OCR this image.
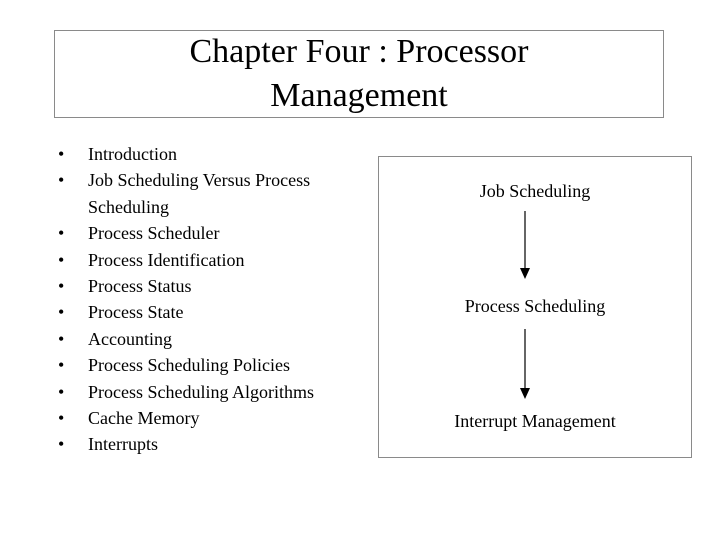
Chapter Four : Processor
Management
• Introduction
• Job Scheduling Versus Process Scheduling
• Process Scheduler
• Process Identification
• Process Status
• Process State
• Accounting
• Process Scheduling Policies
• Process Scheduling Algorithms
• Cache Memory
• Interrupts
Job Scheduling
Process Scheduling
Interrupt Management
